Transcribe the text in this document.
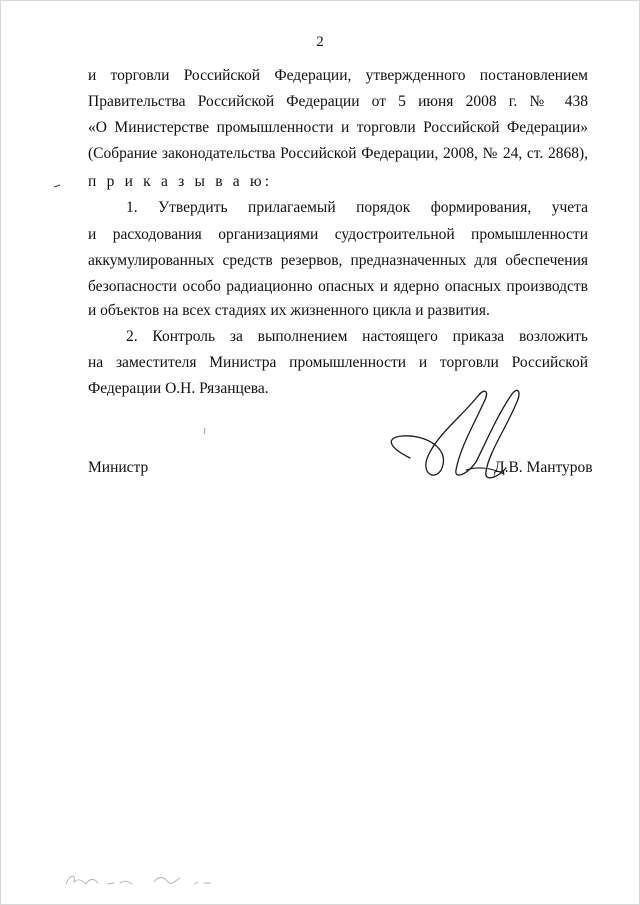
2
и торговли Российской Федерации, утвержденного постановлением
Правительства Российской Федерации от 5 июня 2008 г. № 438
«О Министерстве промышленности и торговли Российской Федерации»
(Собрание законодательства Российской Федерации, 2008, № 24, ст. 2868),
п р и к а з ы в а ю:
1. Утвердить прилагаемый порядок формирования, учета
и расходования организациями судостроительной промышленности
аккумулированных средств резервов, предназначенных для обеспечения
безопасности особо радиационно опасных и ядерно опасных производств
и объектов на всех стадиях их жизненного цикла и развития.
2. Контроль за выполнением настоящего приказа возложить
на заместителя Министра промышленности и торговли Российской
Федерации О.Н. Рязанцева.
Министр	Д.В. Мантуров
